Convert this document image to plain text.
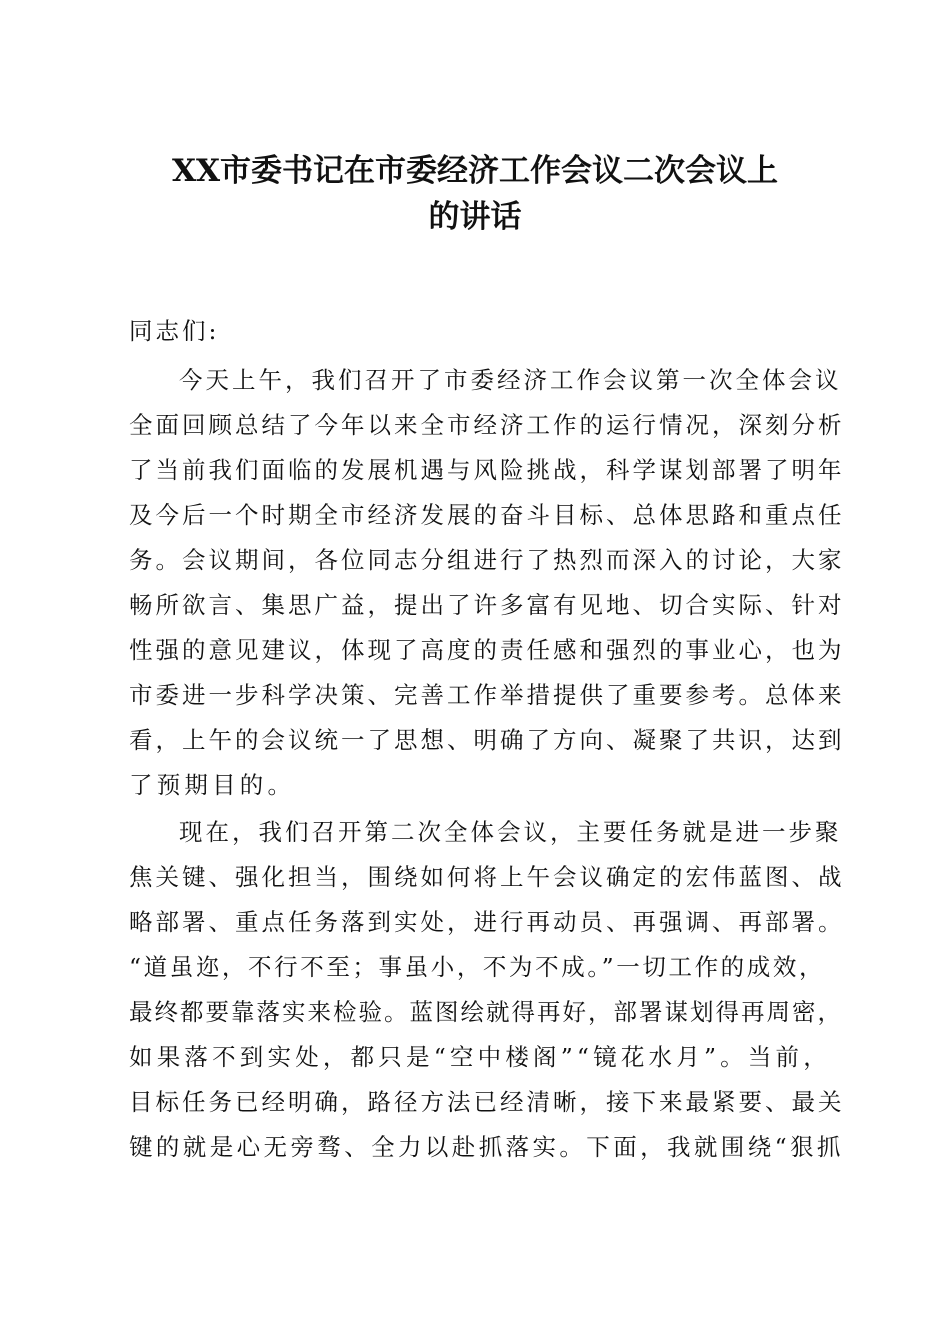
XX市委书记在市委经济工作会议二次会议上
的讲话
同志们:
今天上午，我们召开了市委经济工作会议第一次全体会议
全面回顾总结了今年以来全市经济工作的运行情况，深刻分析
了当前我们面临的发展机遇与风险挑战，科学谋划部署了明年
及今后一个时期全市经济发展的奋斗目标、总体思路和重点任
务。会议期间，各位同志分组进行了热烈而深入的讨论，大家
畅所欲言、集思广益，提出了许多富有见地、切合实际、针对
性强的意见建议，体现了高度的责任感和强烈的事业心，也为
市委进一步科学决策、完善工作举措提供了重要参考。总体来
看，上午的会议统一了思想、明确了方向、凝聚了共识，达到
了预期目的。
现在，我们召开第二次全体会议，主要任务就是进一步聚
焦关键、强化担当，围绕如何将上午会议确定的宏伟蓝图、战
略部署、重点任务落到实处，进行再动员、再强调、再部署。
“道虽迩，不行不至；事虽小，不为不成。”一切工作的成效，
最终都要靠落实来检验。蓝图绘就得再好，部署谋划得再周密，
如果落不到实处，都只是“空中楼阁”“镜花水月”。当前，
目标任务已经明确，路径方法已经清晰，接下来最紧要、最关
键的就是心无旁骛、全力以赴抓落实。下面，我就围绕“狠抓
